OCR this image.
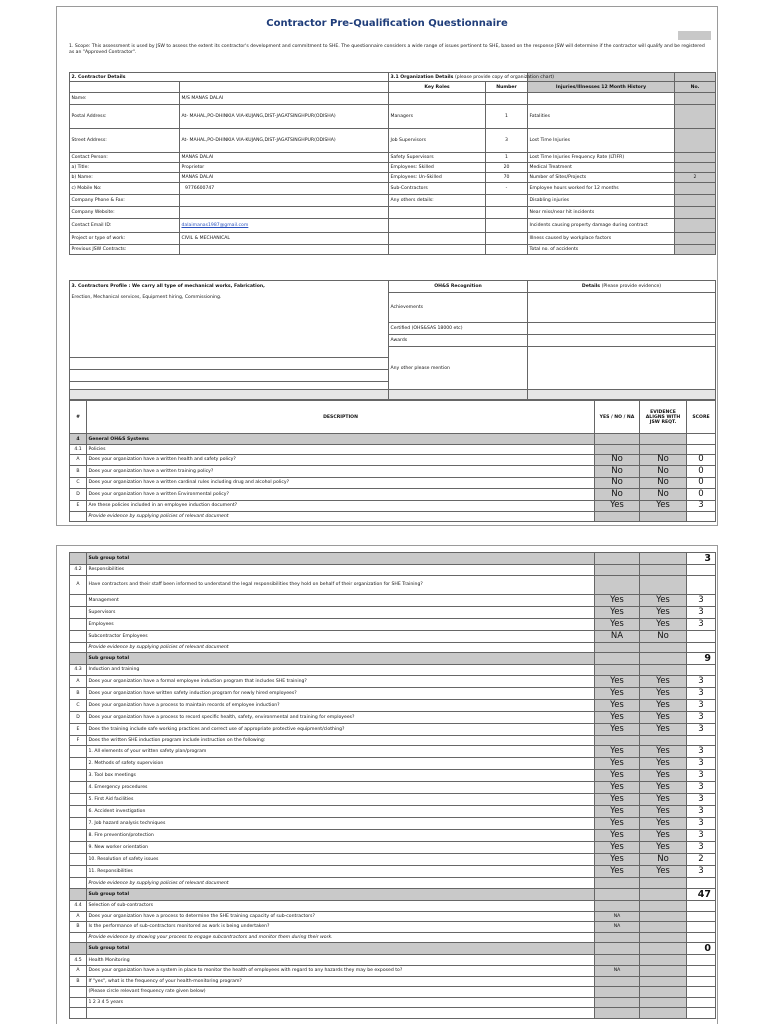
Contractor Pre-Qualification Questionnaire
1. Scope: This assessment is used by JSW to assess the extent its contractor's development and commitment to SHE. The questionnaire considers a wide range of issues pertinent to SHE, based on the response JSW will determine if the contractor will qualify and be registered as an "Approved Contractor".
2. Contractor Details		3.1 Organization Details (please provide copy of organization chart)			
		Key Roles	Number	Injuries/Illnesses 12 Month History	No.
Name:	M/S MANAS DALAI				
Postal Address:	At- MAHAL,PO-DHINKIA VIA-KUJANG,DIST-JAGATSINGHPUR(ODISHA)	Managers	1	Fatalities	
Street Address:	At- MAHAL,PO-DHINKIA VIA-KUJANG,DIST-JAGATSINGHPUR(ODISHA)	Job Supervisors	3	Lost Time Injuries	
Contact Person:	MANAS DALAI	Safety Supervisors	1	Lost Time Injuries Frequency Rate (LTIFR)	
a) Title:	Proprietor	Employees: Skilled	20	Medical Treatment	
b) Name:	MANAS DALAI	Employees: Un-Skilled	70	Number of Sites/Projects	2
c) Mobile No:	9776600747	Sub-Contractors	-	Employee hours worked for 12 months	
Company Phone & Fax:		Any others details:		Disabling injuries	
Company Website:				Near miss/near hit incidents	
Contact Email ID:	dalaimanas1987@gmail.com			Incidents causing property damage during contract	
Project or type of work:	CIVIL & MECHANICAL			Illness caused by workplace factors	
Previous JSW Contracts:				Total no. of accidents	
3. Contractors Profile : We carry all type of mechanical works, Fabrication,	OH&S Recognition	Details (Please provide evidence)
Erection, Mechanical services, Equipment hiring, Commissioning.	Achievements	
	Certified (OHS&SAS 18000 etc)	
	Awards	
	Any other please mention	

#	DESCRIPTION	YES / NO / NA	EVIDENCE ALIGNS WITH JSW REQT.	SCORE
4	General OH&S Systems			
4.1	Policies			
A	Does your organization have a written health and safety policy?	No	No	0
B	Does your organization have a written training policy?	No	No	0
C	Does your organization have a written cardinal rules including drug and alcohol policy?	No	No	0
D	Does your organization have a written Environmental policy?	No	No	0
E	Are these policies included in an employee induction document?	Yes	Yes	3
	Provide evidence by supplying policies of relevant document			
	Sub group total			3
4.2	Responsibilities			
A	Have contractors and their staff been informed to understand the legal responsibilities they hold on behalf of their organization for SHE Training?			
	Management	Yes	Yes	3
	Supervisors	Yes	Yes	3
	Employees	Yes	Yes	3
	Subcontractor Employees	NA	No	
	Provide evidence by supplying policies of relevant document			
	Sub group total			9
4.3	Induction and training			
A	Does your organization have a formal employee induction program that includes SHE training?	Yes	Yes	3
B	Does your organization have written safety induction program for newly hired employees?	Yes	Yes	3
C	Does your organization have a process to maintain records of employee induction?	Yes	Yes	3
D	Does your organization have a process to record specific health, safety, environmental and training for employees?	Yes	Yes	3
E	Does the training include safe working practices and correct use of appropriate protective equipment/clothing?	Yes	Yes	3
F	Does the written SHE induction program include instruction on the following:			
	1. All elements of your written safety plan/program	Yes	Yes	3
	2. Methods of safety supervision	Yes	Yes	3
	3. Tool box meetings	Yes	Yes	3
	4. Emergency procedures	Yes	Yes	3
	5. First Aid facilities	Yes	Yes	3
	6. Accident investigation	Yes	Yes	3
	7. Job hazard analysis techniques	Yes	Yes	3
	8. Fire prevention/protection	Yes	Yes	3
	9. New worker orientation	Yes	Yes	3
	10. Resolution of safety issues	Yes	No	2
	11. Responsibilities	Yes	Yes	3
	Provide evidence by supplying policies of relevant document			
	Sub group total			47
4.4	Selection of sub-contractors			
A	Does your organization have a process to determine the SHE training capacity of sub-contractors?	NA		
B	Is the performance of sub-contractors monitored as work is being undertaken?	NA		
	Provide evidence by showing your process to engage subcontractors and monitor them during their work.			
	Sub group total			0
4.5	Health Monitoring			
A	Does your organization have a system in place to monitor the health of employees with regard to any hazards they may be exposed to?	NA		
B	If "yes", what is the frequency of your health-monitoring program?			
	(Please circle relevant frequency rate given below)			
	1 2 3 4 5 years			
